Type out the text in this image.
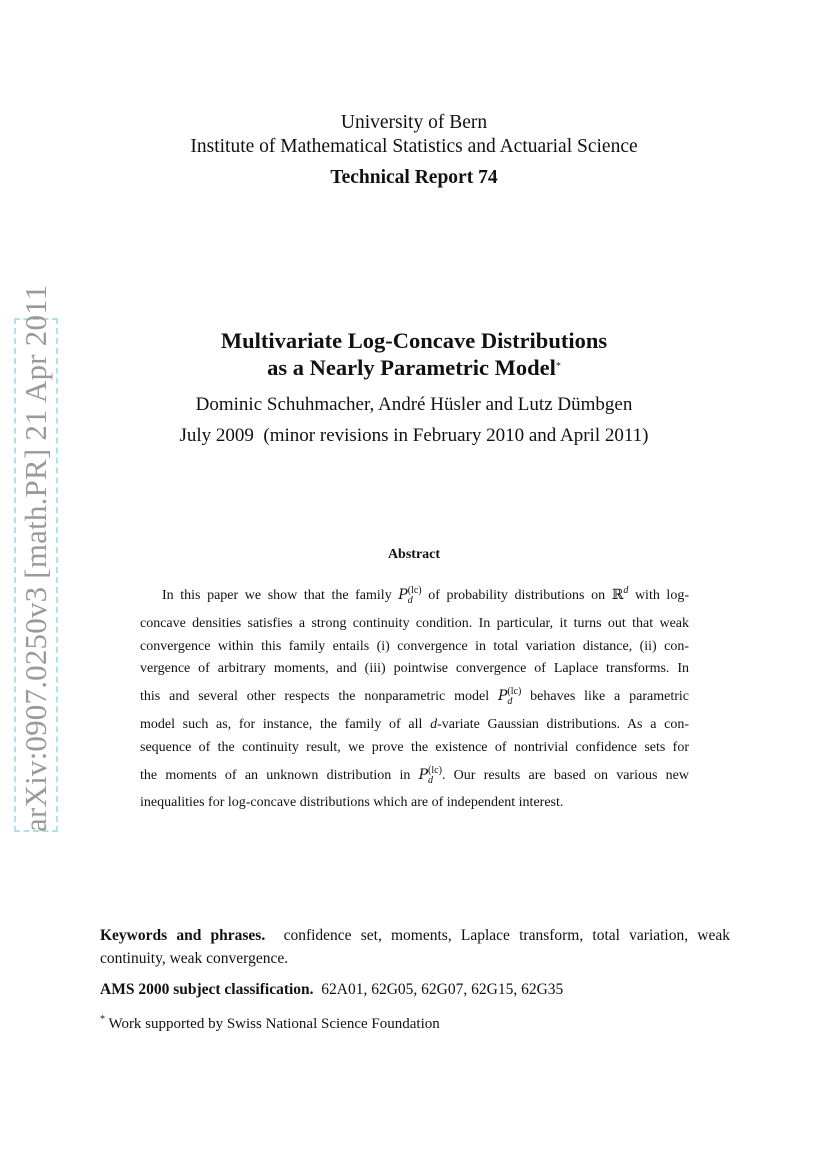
arXiv:0907.0250v3 [math.PR] 21 Apr 2011
University of Bern
Institute of Mathematical Statistics and Actuarial Science
Technical Report 74
Multivariate Log-Concave Distributions
as a Nearly Parametric Model*
Dominic Schuhmacher, André Hüsler and Lutz Dümbgen
July 2009  (minor revisions in February 2010 and April 2011)
Abstract
In this paper we show that the family $P_d^{(lc)}$ of probability distributions on ℝ$^d$ with log-
concave densities satisfies a strong continuity condition. In particular, it turns out that weak
convergence within this family entails (i) convergence in total variation distance, (ii) con-
vergence of arbitrary moments, and (iii) pointwise convergence of Laplace transforms. In
this and several other respects the nonparametric model $P_d^{(lc)}$ behaves like a parametric
model such as, for instance, the family of all d-variate Gaussian distributions. As a con-
sequence of the continuity result, we prove the existence of nontrivial confidence sets for
the moments of an unknown distribution in $P_d^{(lc)}$. Our results are based on various new
inequalities for log-concave distributions which are of independent interest.
Keywords and phrases. confidence set, moments, Laplace transform, total variation, weak
continuity, weak convergence.
AMS 2000 subject classification. 62A01, 62G05, 62G07, 62G15, 62G35
* Work supported by Swiss National Science Foundation
